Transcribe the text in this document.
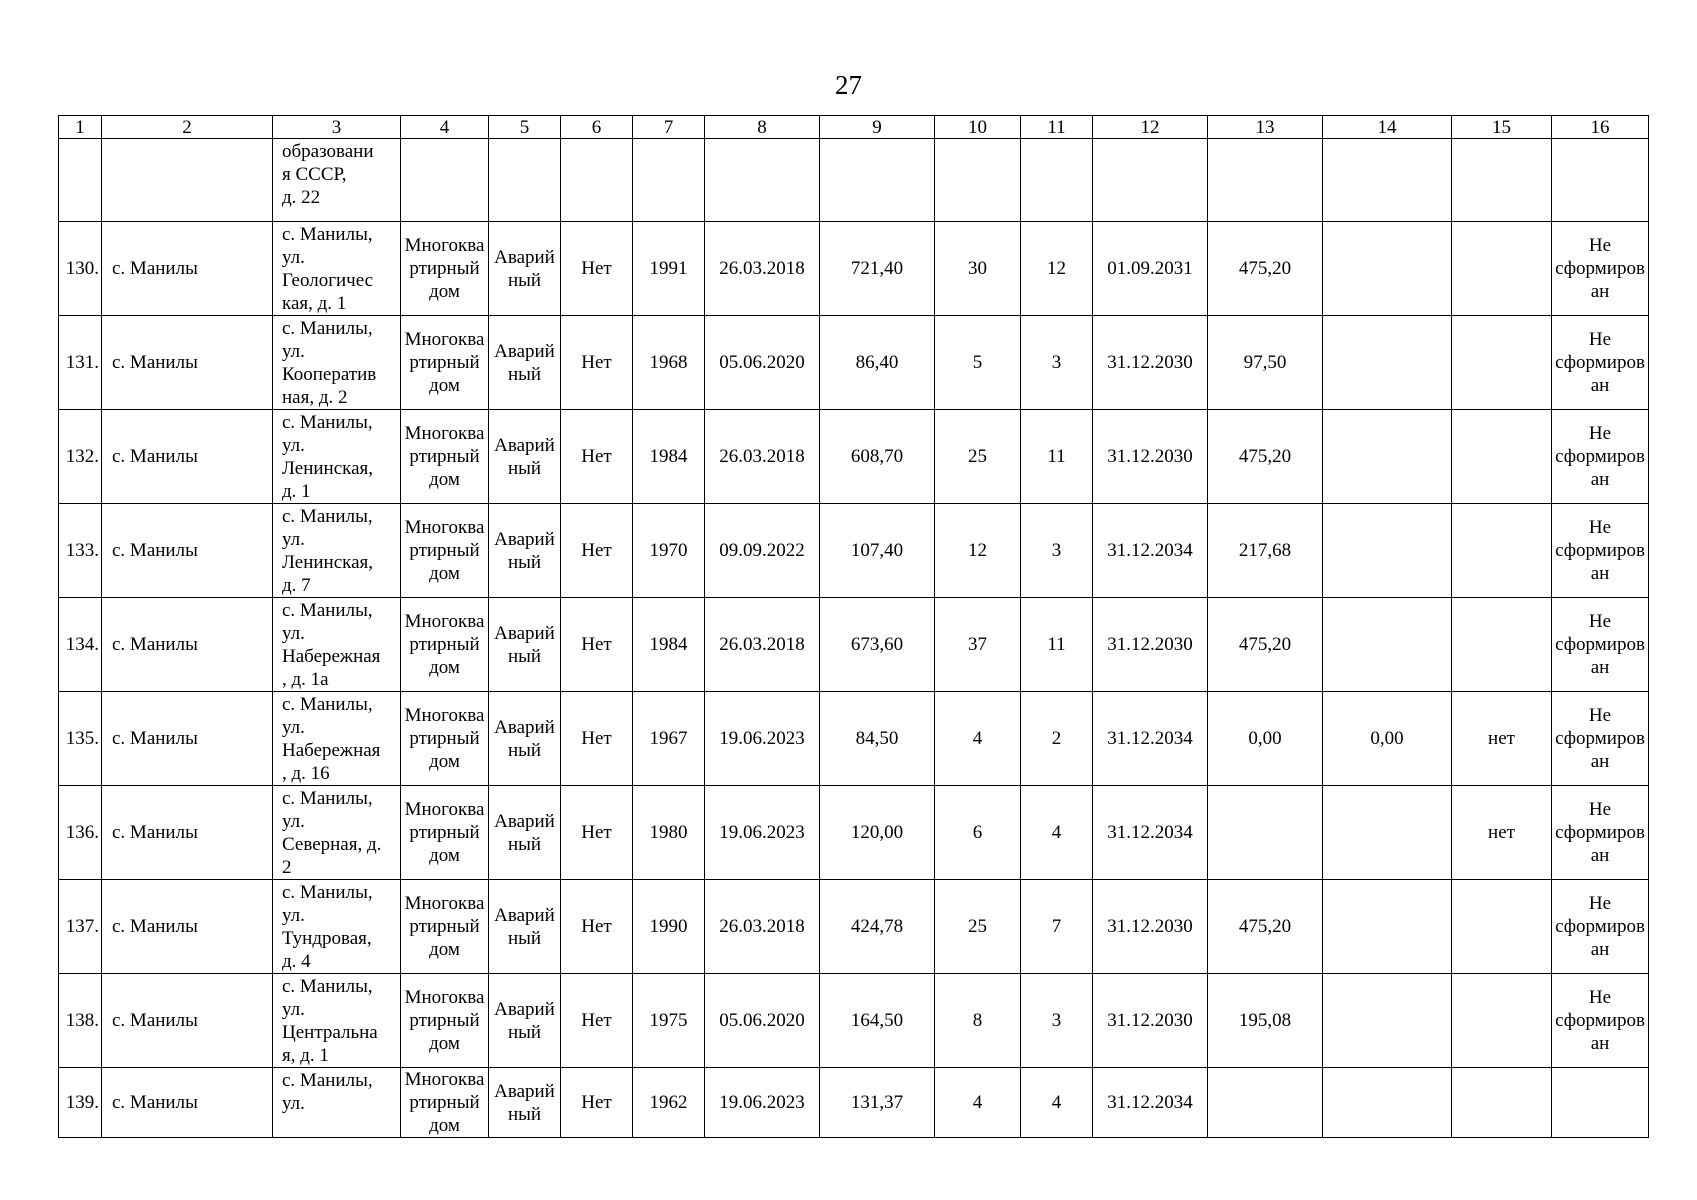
27
1	2	3	4	5	6	7	8	9	10	11	12	13	14	15	16
		образовани
я СССР,
д. 22													
130.	с. Манилы	с. Манилы,
ул.
Геологичес
кая, д. 1	Многоква
ртирный
дом	Аварий
ный	Нет	1991	26.03.2018	721,40	30	12	01.09.2031	475,20			Не
сформиров
ан
131.	с. Манилы	с. Манилы,
ул.
Кооператив
ная, д. 2	Многоква
ртирный
дом	Аварий
ный	Нет	1968	05.06.2020	86,40	5	3	31.12.2030	97,50			Не
сформиров
ан
132.	с. Манилы	с. Манилы,
ул.
Ленинская,
д. 1	Многоква
ртирный
дом	Аварий
ный	Нет	1984	26.03.2018	608,70	25	11	31.12.2030	475,20			Не
сформиров
ан
133.	с. Манилы	с. Манилы,
ул.
Ленинская,
д. 7	Многоква
ртирный
дом	Аварий
ный	Нет	1970	09.09.2022	107,40	12	3	31.12.2034	217,68			Не
сформиров
ан
134.	с. Манилы	с. Манилы,
ул.
Набережная
, д. 1а	Многоква
ртирный
дом	Аварий
ный	Нет	1984	26.03.2018	673,60	37	11	31.12.2030	475,20			Не
сформиров
ан
135.	с. Манилы	с. Манилы,
ул.
Набережная
, д. 16	Многоква
ртирный
дом	Аварий
ный	Нет	1967	19.06.2023	84,50	4	2	31.12.2034	0,00	0,00	нет	Не
сформиров
ан
136.	с. Манилы	с. Манилы,
ул.
Северная, д.
2	Многоква
ртирный
дом	Аварий
ный	Нет	1980	19.06.2023	120,00	6	4	31.12.2034			нет	Не
сформиров
ан
137.	с. Манилы	с. Манилы,
ул.
Тундровая,
д. 4	Многоква
ртирный
дом	Аварий
ный	Нет	1990	26.03.2018	424,78	25	7	31.12.2030	475,20			Не
сформиров
ан
138.	с. Манилы	с. Манилы,
ул.
Центральна
я, д. 1	Многоква
ртирный
дом	Аварий
ный	Нет	1975	05.06.2020	164,50	8	3	31.12.2030	195,08			Не
сформиров
ан
139.	с. Манилы	с. Манилы,
ул.	Многоква
ртирный
дом	Аварий
ный	Нет	1962	19.06.2023	131,37	4	4	31.12.2034				
